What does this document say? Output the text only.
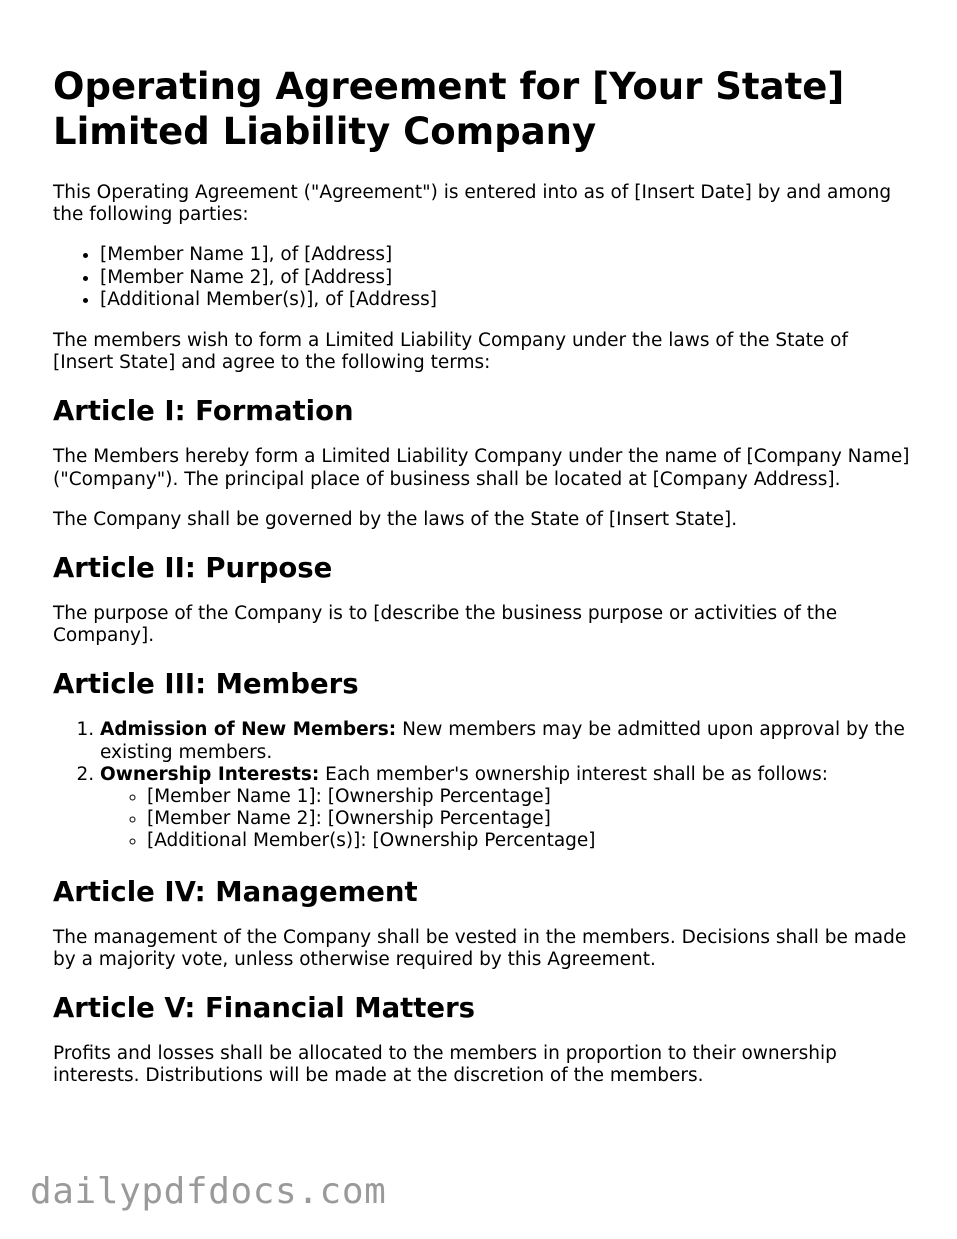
Operating Agreement for [Your State] Limited Liability Company

This Operating Agreement ("Agreement") is entered into as of [Insert Date] by and among the following parties:

• [Member Name 1], of [Address]
• [Member Name 2], of [Address]
• [Additional Member(s)], of [Address]

The members wish to form a Limited Liability Company under the laws of the State of [Insert State] and agree to the following terms:

Article I: Formation

The Members hereby form a Limited Liability Company under the name of [Company Name] ("Company"). The principal place of business shall be located at [Company Address].

The Company shall be governed by the laws of the State of [Insert State].

Article II: Purpose

The purpose of the Company is to [describe the business purpose or activities of the Company].

Article III: Members
1. Admission of New Members: New members may be admitted upon approval by the existing members.
2. Ownership Interests: Each member's ownership interest shall be as follows:
◦ [Member Name 1]: [Ownership Percentage]
◦ [Member Name 2]: [Ownership Percentage]
◦ [Additional Member(s)]: [Ownership Percentage]
Article IV: Management

The management of the Company shall be vested in the members. Decisions shall be made by a majority vote, unless otherwise required by this Agreement.

Article V: Financial Matters

Profits and losses shall be allocated to the members in proportion to their ownership interests. Distributions will be made at the discretion of the members.

dailypdfdocs.com
